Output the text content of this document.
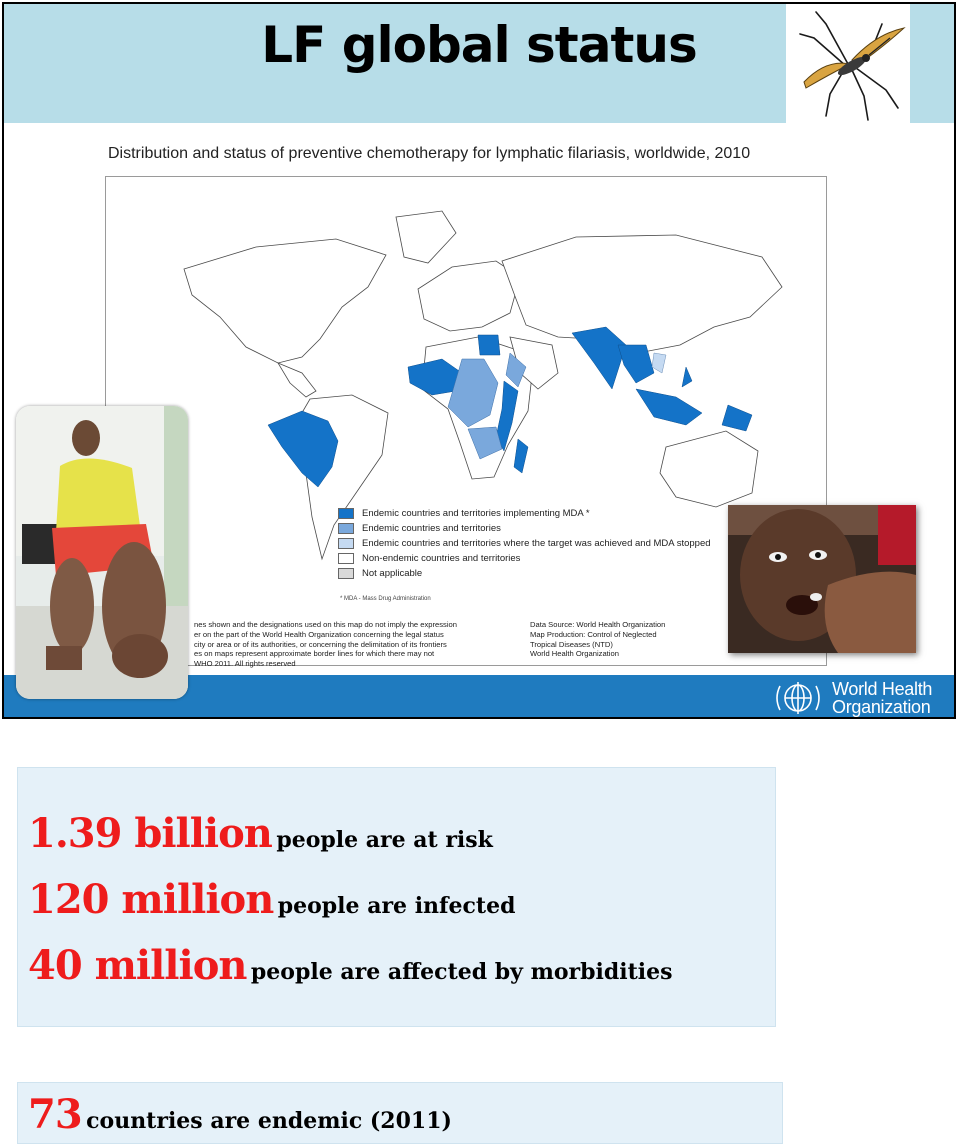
LF global status
Distribution and status of preventive chemotherapy for lymphatic filariasis, worldwide, 2010
Endemic countries and territories implementing MDA *
Endemic countries and territories
Endemic countries and territories where the target was achieved and MDA stopped
Non-endemic countries and territories
Not applicable
* MDA - Mass Drug Administration
nes shown and the designations used on this map do not imply the expression
er on the part of the World Health Organization concerning the legal status
city or area or of its authorities, or concerning the delimitation of its frontiers
es on maps represent approximate border lines for which there may not
WHO 2011. All rights reserved
Data Source: World Health Organization
Map Production: Control of Neglected
Tropical Diseases (NTD)
World Health Organization
World Health
Organization
1.39 billion people are at risk
120 million people are infected
40 million people are affected by morbidities
73 countries are endemic (2011)
